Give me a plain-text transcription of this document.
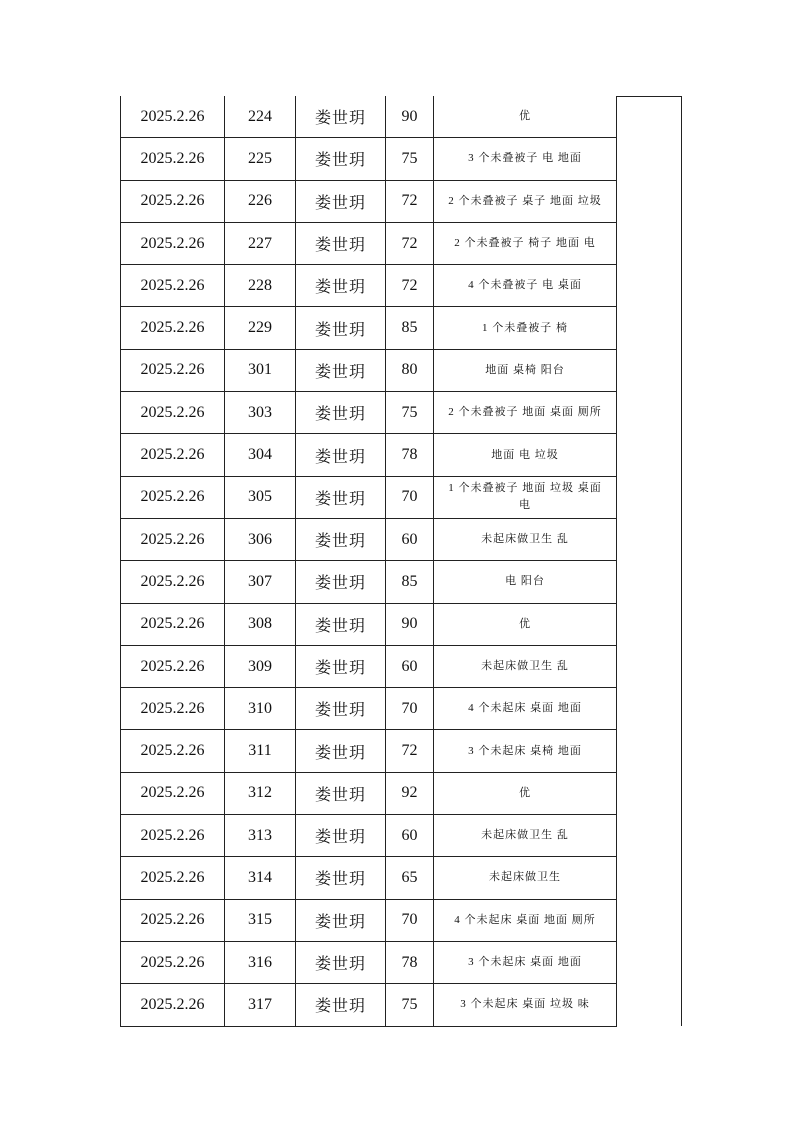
2025.2.26	224	娄世玥	90	优
2025.2.26	225	娄世玥	75	3 个未叠被子 电 地面
2025.2.26	226	娄世玥	72	2 个未叠被子 桌子 地面 垃圾
2025.2.26	227	娄世玥	72	2 个未叠被子 椅子 地面 电
2025.2.26	228	娄世玥	72	4 个未叠被子 电 桌面
2025.2.26	229	娄世玥	85	1 个未叠被子 椅
2025.2.26	301	娄世玥	80	地面 桌椅 阳台
2025.2.26	303	娄世玥	75	2 个未叠被子 地面 桌面 厕所
2025.2.26	304	娄世玥	78	地面 电 垃圾
2025.2.26	305	娄世玥	70	1 个未叠被子 地面 垃圾 桌面 电
2025.2.26	306	娄世玥	60	未起床做卫生 乱
2025.2.26	307	娄世玥	85	电 阳台
2025.2.26	308	娄世玥	90	优
2025.2.26	309	娄世玥	60	未起床做卫生 乱
2025.2.26	310	娄世玥	70	4 个未起床 桌面 地面
2025.2.26	311	娄世玥	72	3 个未起床 桌椅 地面
2025.2.26	312	娄世玥	92	优
2025.2.26	313	娄世玥	60	未起床做卫生 乱
2025.2.26	314	娄世玥	65	未起床做卫生
2025.2.26	315	娄世玥	70	4 个未起床 桌面 地面 厕所
2025.2.26	316	娄世玥	78	3 个未起床 桌面 地面
2025.2.26	317	娄世玥	75	3 个未起床 桌面 垃圾 味
